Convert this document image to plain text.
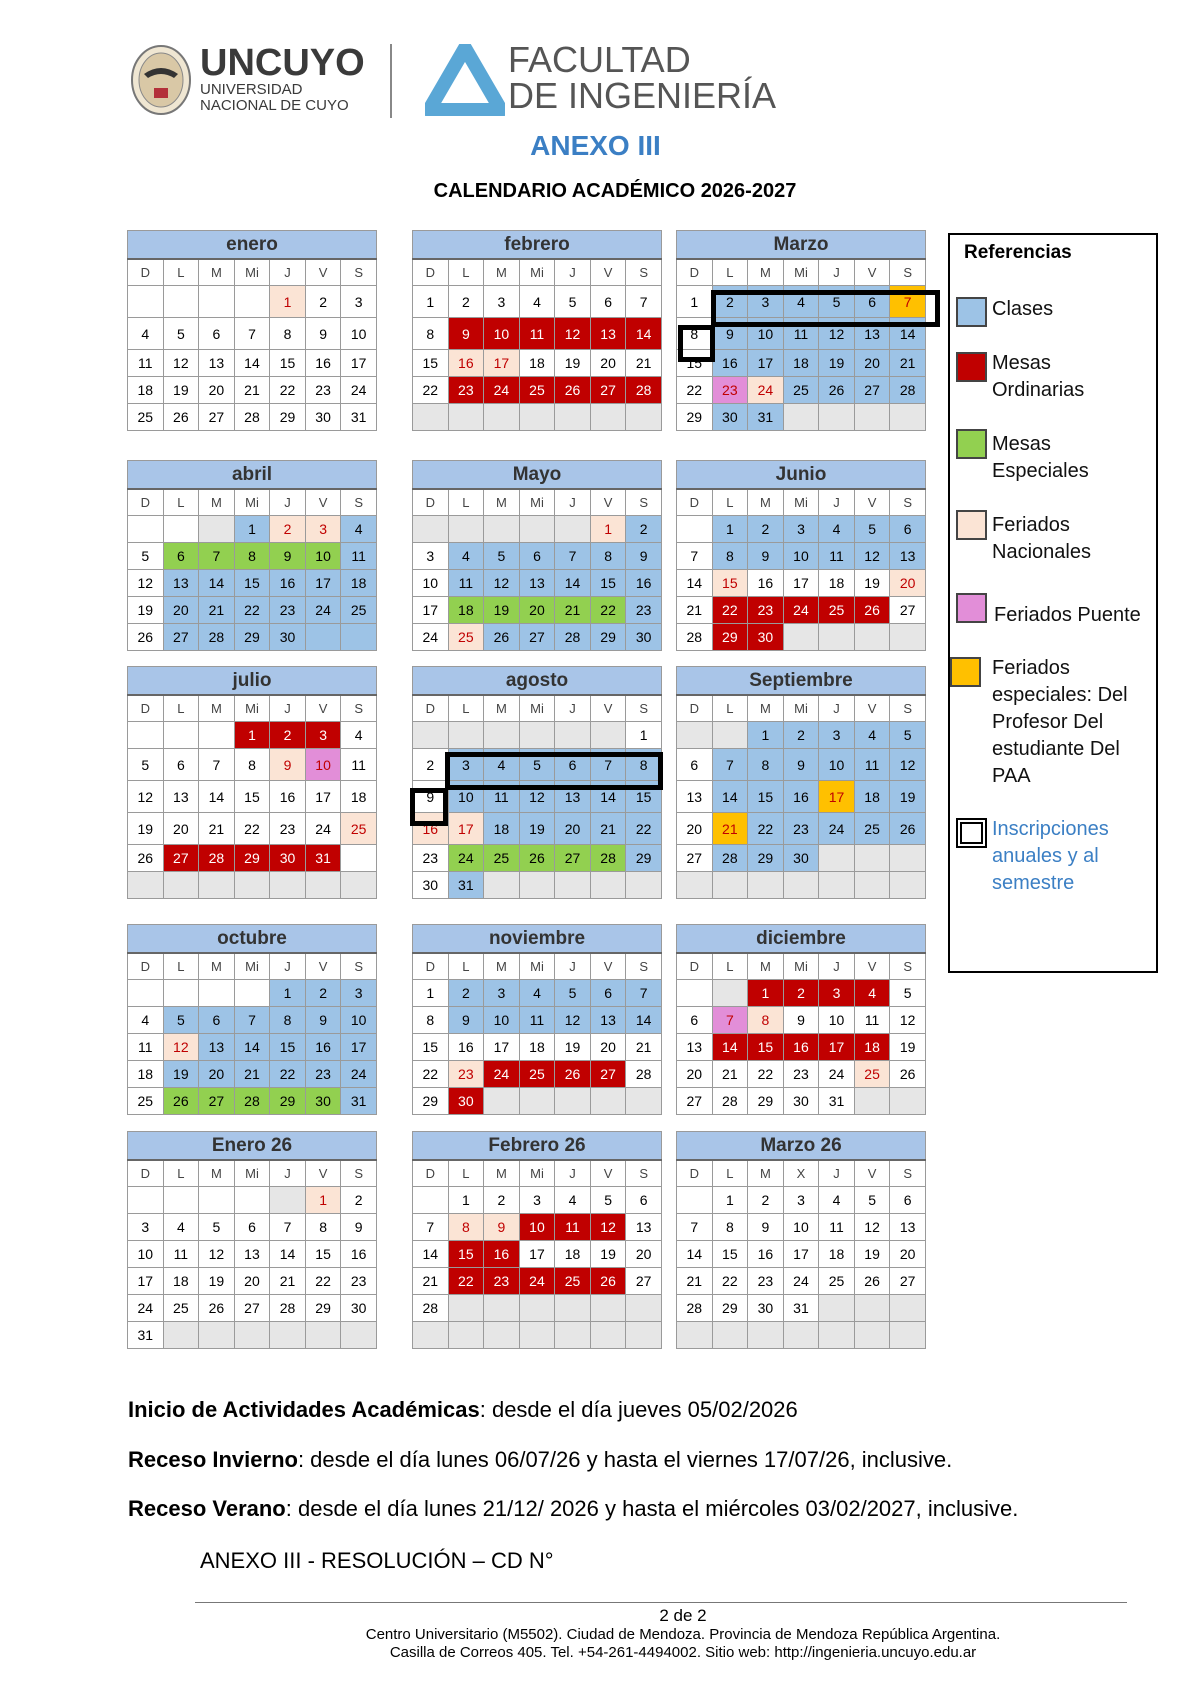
UNCUYO
UNIVERSIDAD
NACIONAL DE CUYO
FACULTAD
DE INGENIERÍA
ANEXO III
CALENDARIO ACADÉMICO 2026-2027
enero						
D	L	M	Mi	J	V	S
				1	2	3
4	5	6	7	8	9	10
11	12	13	14	15	16	17
18	19	20	21	22	23	24
25	26	27	28	29	30	31
febrero						
D	L	M	Mi	J	V	S
1	2	3	4	5	6	7
8	9	10	11	12	13	14
15	16	17	18	19	20	21
22	23	24	25	26	27	28

Marzo						
D	L	M	Mi	J	V	S
1	2	3	4	5	6	7
8	9	10	11	12	13	14
15	16	17	18	19	20	21
22	23	24	25	26	27	28
29	30	31				
abril						
D	L	M	Mi	J	V	S
			1	2	3	4
5	6	7	8	9	10	11
12	13	14	15	16	17	18
19	20	21	22	23	24	25
26	27	28	29	30		
Mayo						
D	L	M	Mi	J	V	S
					1	2
3	4	5	6	7	8	9
10	11	12	13	14	15	16
17	18	19	20	21	22	23
24	25	26	27	28	29	30
Junio						
D	L	M	Mi	J	V	S
	1	2	3	4	5	6
7	8	9	10	11	12	13
14	15	16	17	18	19	20
21	22	23	24	25	26	27
28	29	30				
julio						
D	L	M	Mi	J	V	S
			1	2	3	4
5	6	7	8	9	10	11
12	13	14	15	16	17	18
19	20	21	22	23	24	25
26	27	28	29	30	31	

agosto						
D	L	M	Mi	J	V	S
						1
2	3	4	5	6	7	8
9	10	11	12	13	14	15
16	17	18	19	20	21	22
23	24	25	26	27	28	29
30	31					
Septiembre						
D	L	M	Mi	J	V	S
		1	2	3	4	5
6	7	8	9	10	11	12
13	14	15	16	17	18	19
20	21	22	23	24	25	26
27	28	29	30			

octubre						
D	L	M	Mi	J	V	S
				1	2	3
4	5	6	7	8	9	10
11	12	13	14	15	16	17
18	19	20	21	22	23	24
25	26	27	28	29	30	31
noviembre						
D	L	M	Mi	J	V	S
1	2	3	4	5	6	7
8	9	10	11	12	13	14
15	16	17	18	19	20	21
22	23	24	25	26	27	28
29	30					
diciembre						
D	L	M	Mi	J	V	S
		1	2	3	4	5
6	7	8	9	10	11	12
13	14	15	16	17	18	19
20	21	22	23	24	25	26
27	28	29	30	31		
Enero 26						
D	L	M	Mi	J	V	S
					1	2
3	4	5	6	7	8	9
10	11	12	13	14	15	16
17	18	19	20	21	22	23
24	25	26	27	28	29	30
31						
Febrero 26						
D	L	M	Mi	J	V	S
	1	2	3	4	5	6
7	8	9	10	11	12	13
14	15	16	17	18	19	20
21	22	23	24	25	26	27
28						

Marzo 26						
D	L	M	X	J	V	S
	1	2	3	4	5	6
7	8	9	10	11	12	13
14	15	16	17	18	19	20
21	22	23	24	25	26	27
28	29	30	31			

Referencias
Clases
Mesas Ordinarias
Mesas Especiales
Feriados Nacionales
Feriados Puente
Feriados especiales: Del Profesor Del estudiante Del PAA
Inscripciones anuales y al semestre
Inicio de Actividades Académicas: desde el día jueves 05/02/2026
Receso Invierno: desde el día lunes 06/07/26 y hasta el viernes 17/07/26, inclusive.
Receso Verano: desde el día lunes 21/12/ 2026 y hasta el miércoles 03/02/2027, inclusive.
ANEXO III - RESOLUCIÓN – CD N°
2 de 2
Centro Universitario (M5502). Ciudad de Mendoza. Provincia de Mendoza República Argentina.
Casilla de Correos 405. Tel. +54-261-4494002. Sitio web: http://ingenieria.uncuyo.edu.ar
